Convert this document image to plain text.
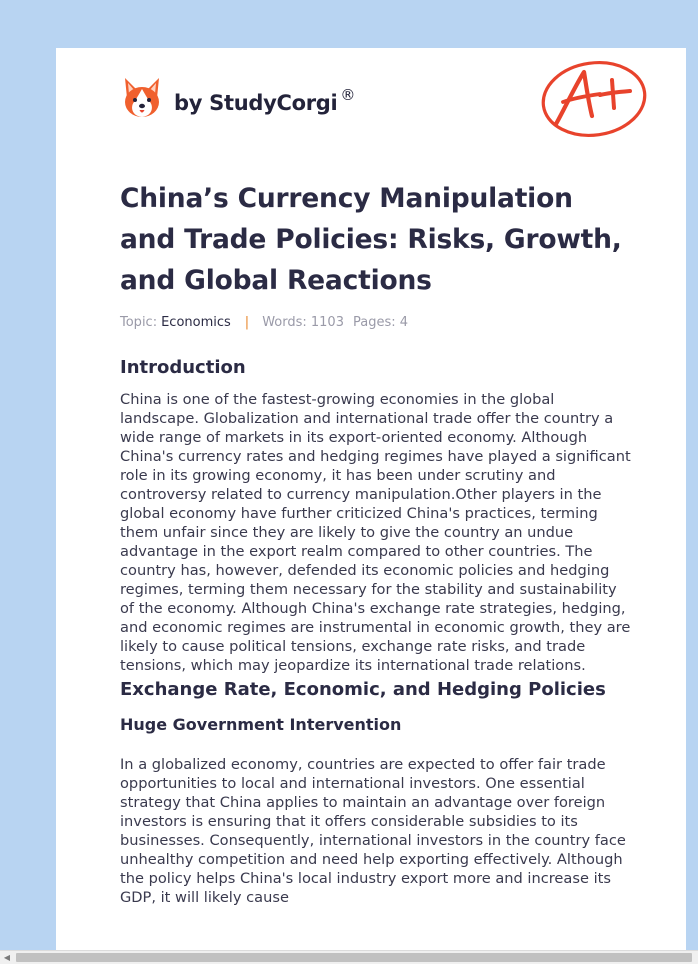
by StudyCorgi ®
China’s Currency Manipulation and Trade Policies: Risks, Growth, and Global Reactions
Topic: Economics | Words: 1103 Pages: 4
Introduction

China is one of the fastest-growing economies in the global landscape. Globalization and international trade offer the country a wide range of markets in its export-oriented economy. Although China's currency rates and hedging regimes have played a significant role in its growing economy, it has been under scrutiny and controversy related to currency manipulation.Other players in the global economy have further criticized China's practices, terming them unfair since they are likely to give the country an undue advantage in the export realm compared to other countries. The country has, however, defended its economic policies and hedging regimes, terming them necessary for the stability and sustainability of the economy. Although China's exchange rate strategies, hedging, and economic regimes are instrumental in economic growth, they are likely to cause political tensions, exchange rate risks, and trade tensions, which may jeopardize its international trade relations.

Exchange Rate, Economic, and Hedging Policies
Huge Government Intervention

In a globalized economy, countries are expected to offer fair trade opportunities to local and international investors. One essential strategy that China applies to maintain an advantage over foreign investors is ensuring that it offers considerable subsidies to its businesses. Consequently, international investors in the country face unhealthy competition and need help exporting effectively. Although the policy helps China's local industry export more and increase its GDP, it will likely cause

◀
